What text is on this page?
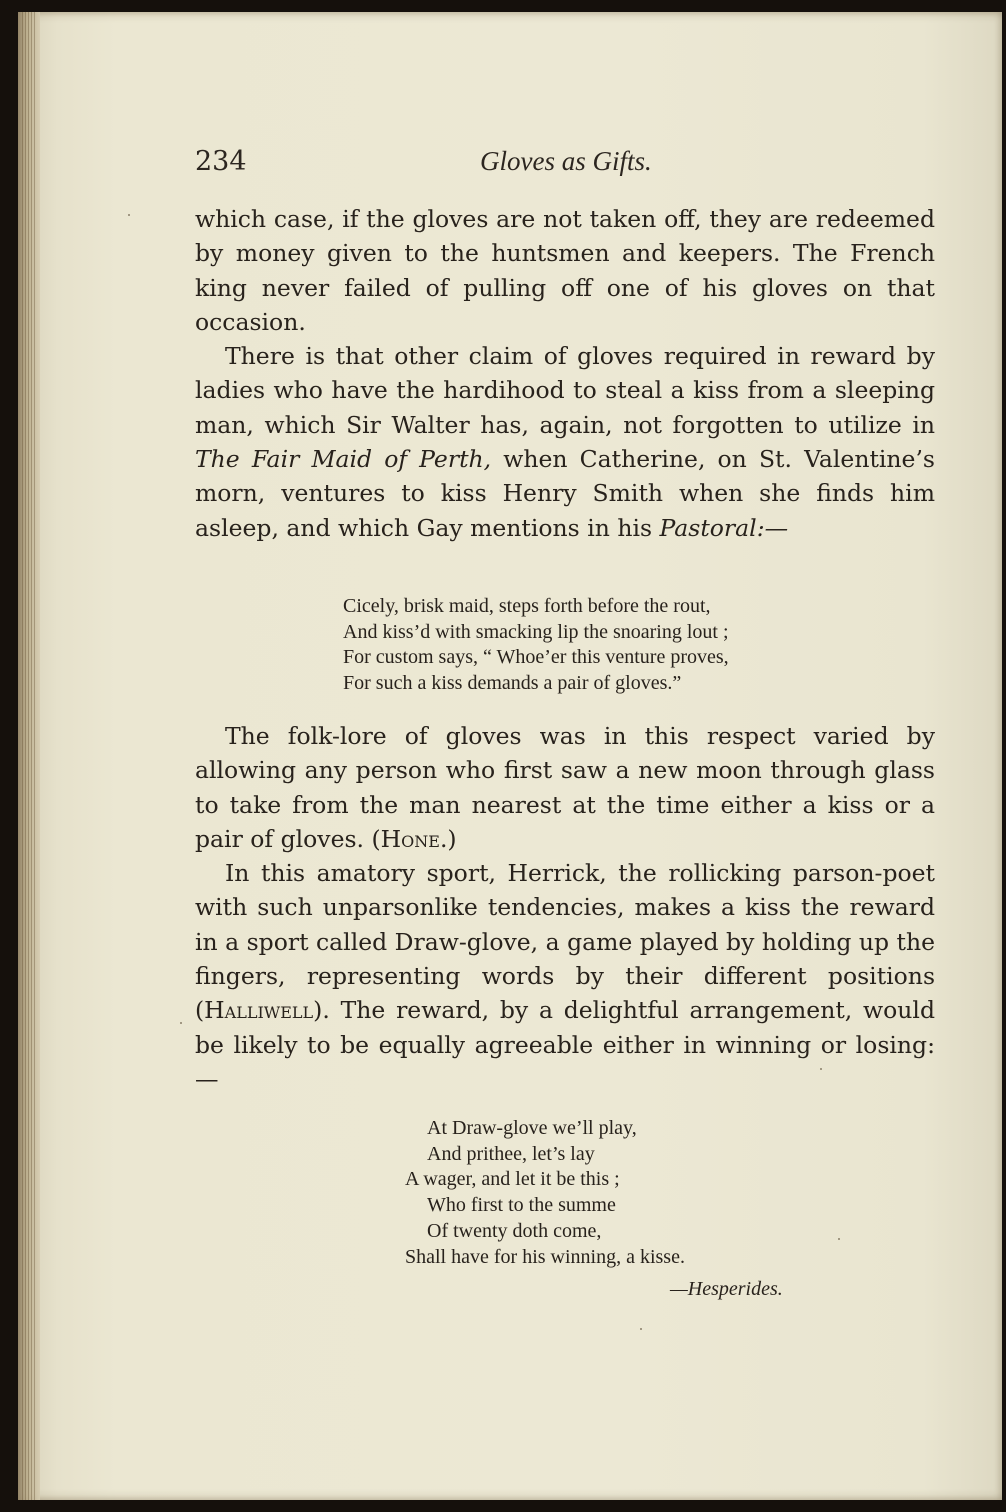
234	Gloves as Gifts.

which case, if the gloves are not taken off, they are redeemed by money given to the huntsmen and keepers. The French king never failed of pulling off one of his gloves on that occasion.

There is that other claim of gloves required in reward by ladies who have the hardihood to steal a kiss from a sleeping man, which Sir Walter has, again, not forgotten to utilize in The Fair Maid of Perth, when Catherine, on St. Valentine’s morn, ventures to kiss Henry Smith when she finds him asleep, and which Gay mentions in his Pastoral:—

Cicely, brisk maid, steps forth before the rout,
And kiss’d with smacking lip the snoaring lout ;
For custom says, “ Whoe’er this venture proves,
For such a kiss demands a pair of gloves.”

The folk-lore of gloves was in this respect varied by allowing any person who first saw a new moon through glass to take from the man nearest at the time either a kiss or a pair of gloves. (Hone.)

In this amatory sport, Herrick, the rollicking parson-poet with such unparsonlike tendencies, makes a kiss the reward in a sport called Draw-glove, a game played by holding up the fingers, representing words by their different positions (Halliwell). The reward, by a delightful arrangement, would be likely to be equally agreeable either in winning or losing:—

At Draw-glove we’ll play,
And prithee, let’s lay
A wager, and let it be this ;
Who first to the summe
Of twenty doth come,
Shall have for his winning, a kisse.
—Hesperides.
